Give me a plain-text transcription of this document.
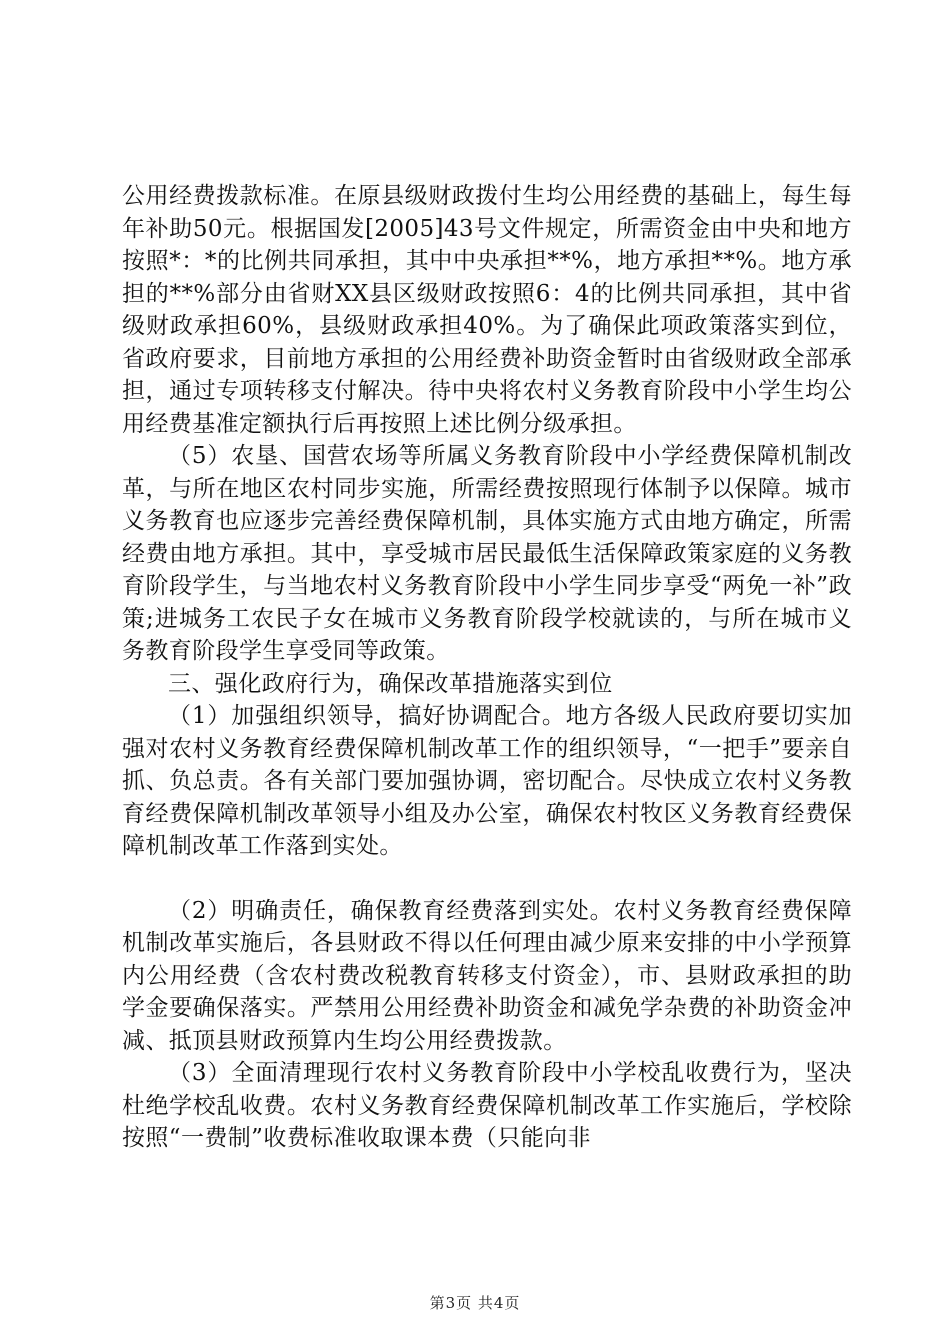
公用经费拨款标准。在原县级财政拨付生均公用经费的基础上，每生每年补助50元。根据国发[2005]43号文件规定，所需资金由中央和地方按照*：*的比例共同承担，其中中央承担**%，地方承担**%。地方承担的**%部分由省财XX县区级财政按照6：4的比例共同承担，其中省级财政承担60%，县级财政承担40%。为了确保此项政策落实到位，省政府要求，目前地方承担的公用经费补助资金暂时由省级财政全部承担，通过专项转移支付解决。待中央将农村义务教育阶段中小学生均公用经费基准定额执行后再按照上述比例分级承担。

（5）农垦、国营农场等所属义务教育阶段中小学经费保障机制改革，与所在地区农村同步实施，所需经费按照现行体制予以保障。城市义务教育也应逐步完善经费保障机制，具体实施方式由地方确定，所需经费由地方承担。其中，享受城市居民最低生活保障政策家庭的义务教育阶段学生，与当地农村义务教育阶段中小学生同步享受“两免一补”政策;进城务工农民子女在城市义务教育阶段学校就读的，与所在城市义务教育阶段学生享受同等政策。

三、强化政府行为，确保改革措施落实到位

（1）加强组织领导，搞好协调配合。地方各级人民政府要切实加强对农村义务教育经费保障机制改革工作的组织领导，“一把手”要亲自抓、负总责。各有关部门要加强协调，密切配合。尽快成立农村义务教育经费保障机制改革领导小组及办公室，确保农村牧区义务教育经费保障机制改革工作落到实处。

（2）明确责任，确保教育经费落到实处。农村义务教育经费保障机制改革实施后，各县财政不得以任何理由减少原来安排的中小学预算内公用经费（含农村费改税教育转移支付资金），市、县财政承担的助学金要确保落实。严禁用公用经费补助资金和减免学杂费的补助资金冲减、抵顶县财政预算内生均公用经费拨款。

（3）全面清理现行农村义务教育阶段中小学校乱收费行为，坚决杜绝学校乱收费。农村义务教育经费保障机制改革工作实施后，学校除按照“一费制”收费标准收取课本费（只能向非

第3页 共4页
